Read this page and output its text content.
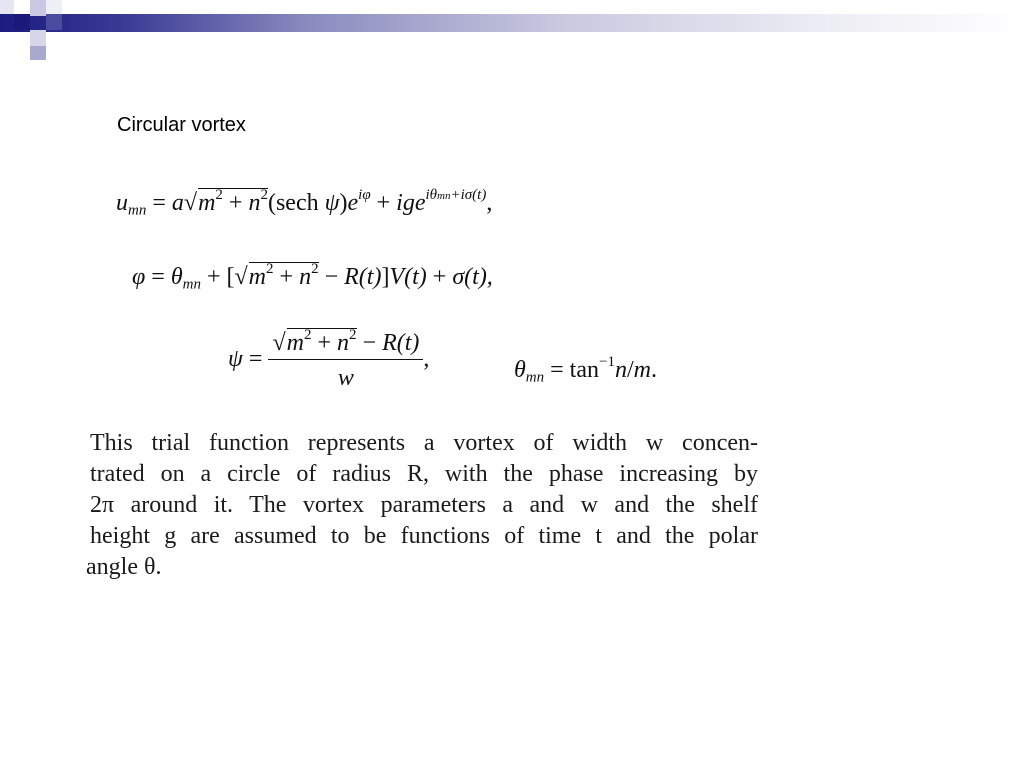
Circular vortex
$u_{mn} = a√m^2 + n^2(\sec h$ $\psi)e^{i\varphi} + ige^{i\theta mn+i\sigma(t)}$,
$\varphi = \theta_{mn} + [√m^2 + n^2 - R(t)]V(t) + \sigma(t)$,
$\psi = \frac{√m^2 + n^2 - R(t)}{w}$ ,	$\theta_{mn} = \tan^{-1}n/m$.
This trial function represents a vortex of width w concen-
trated on a circle of radius R, with the phase increasing by
2π around it. The vortex parameters a and w and the shelf
height g are assumed to be functions of time t and the polar
angle θ.
